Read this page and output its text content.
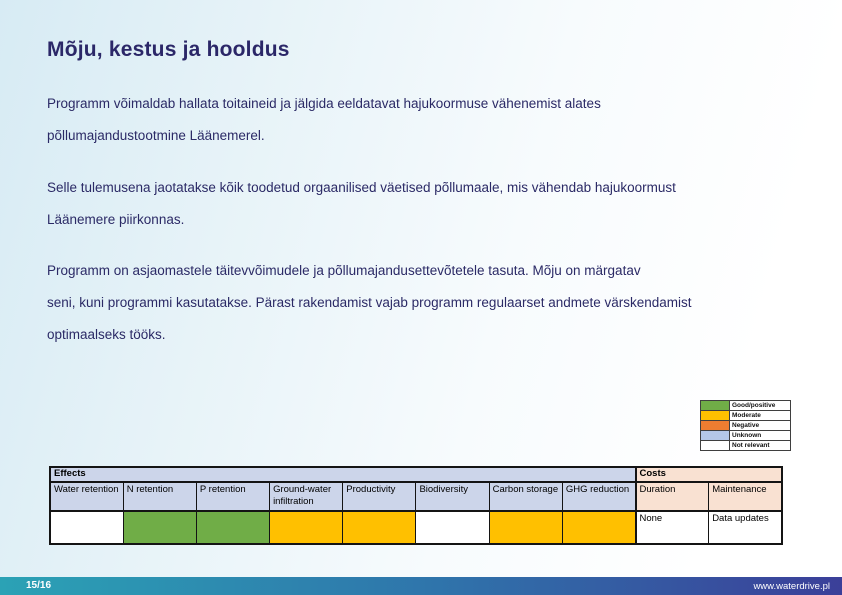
Mõju, kestus ja hooldus

Programm võimaldab hallata toitaineid ja jälgida eeldatavat hajukoormuse vähenemist alates
põllumajandustootmine Läänemerel.

Selle tulemusena jaotatakse kõik toodetud orgaanilised väetised põllumaale, mis vähendab hajukoormust
Läänemere piirkonnas.

Programm on asjaomastele täitevvõimudele ja põllumajandusettevõtetele tasuta. Mõju on märgatav
seni, kuni programmi kasutatakse. Pärast rakendamist vajab programm regulaarset andmete värskendamist
optimaalseks tööks.

	Good/positive
	Moderate
	Negative
	Unknown
	Not relevant
Effects								Costs	
Water retention	N retention	P retention	Ground-water infiltration	Productivity	Biodiversity	Carbon storage	GHG reduction	Duration	Maintenance
								None	Data updates
15/16	www.waterdrive.pl
